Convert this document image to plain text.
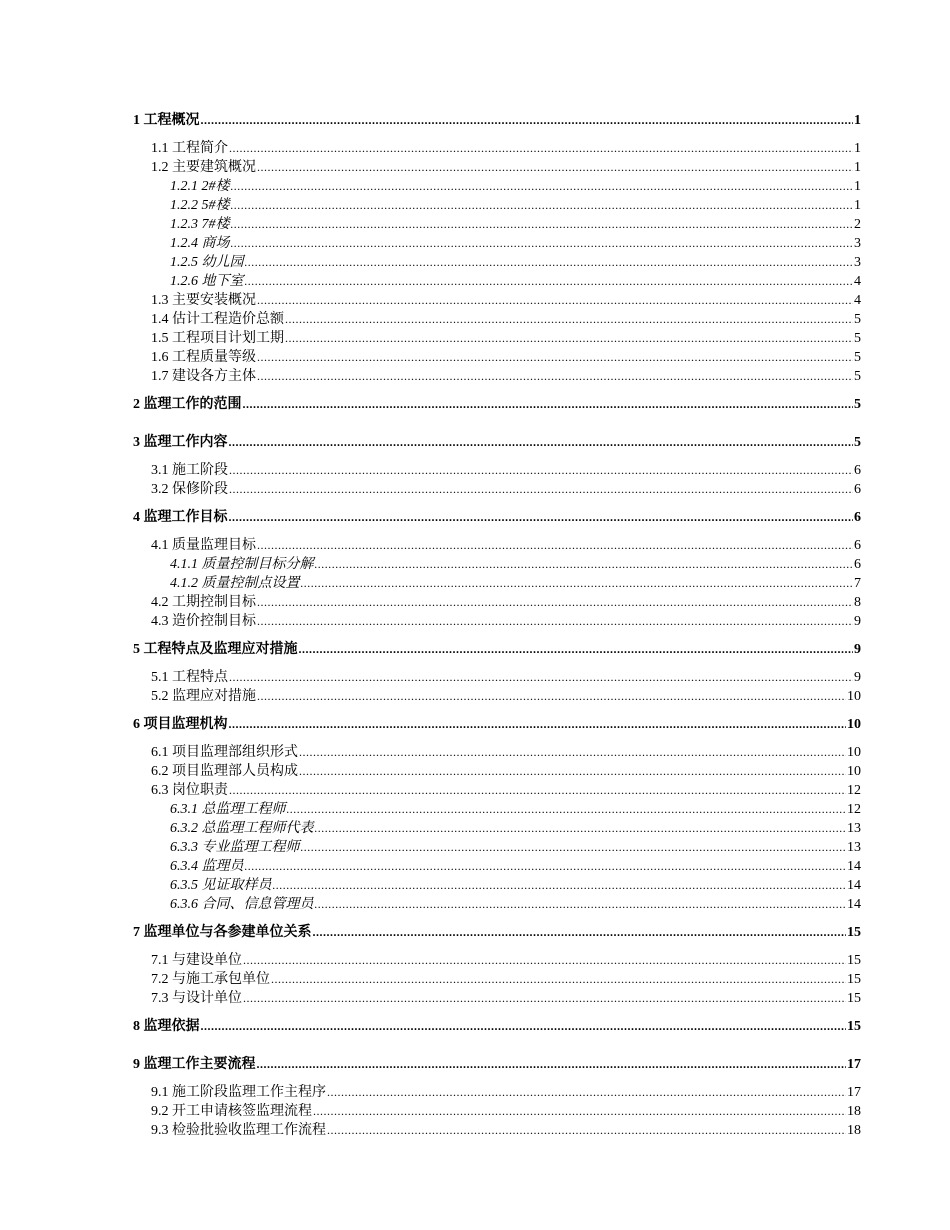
1 工程概况 .....	1
1.1 工程简介 .....	1
1.2 主要建筑概况 .....	1
1.2.1 2#楼 .....	1
1.2.2 5#楼 .....	1
1.2.3 7#楼 .....	2
1.2.4 商场 .....	3
1.2.5 幼儿园 .....	3
1.2.6 地下室 .....	4
1.3 主要安装概况 .....	4
1.4 估计工程造价总额 .....	5
1.5 工程项目计划工期 .....	5
1.6 工程质量等级 .....	5
1.7 建设各方主体 .....	5
2 监理工作的范围 .....	5
3 监理工作内容 .....	5
3.1 施工阶段 .....	6
3.2 保修阶段 .....	6
4 监理工作目标 .....	6
4.1 质量监理目标 .....	6
4.1.1 质量控制目标分解 .....	6
4.1.2 质量控制点设置 .....	7
4.2 工期控制目标 .....	8
4.3 造价控制目标 .....	9
5 工程特点及监理应对措施 .....	9
5.1 工程特点 .....	9
5.2 监理应对措施 .....	10
6 项目监理机构 .....	10
6.1 项目监理部组织形式 .....	10
6.2 项目监理部人员构成 .....	10
6.3 岗位职责 .....	12
6.3.1 总监理工程师 .....	12
6.3.2 总监理工程师代表 .....	13
6.3.3 专业监理工程师 .....	13
6.3.4 监理员 .....	14
6.3.5 见证取样员 .....	14
6.3.6 合同、信息管理员 .....	14
7 监理单位与各参建单位关系 .....	15
7.1 与建设单位 .....	15
7.2 与施工承包单位 .....	15
7.3 与设计单位 .....	15
8 监理依据 .....	15
9 监理工作主要流程 .....	17
9.1 施工阶段监理工作主程序 .....	17
9.2 开工申请核签监理流程 .....	18
9.3 检验批验收监理工作流程 .....	18
